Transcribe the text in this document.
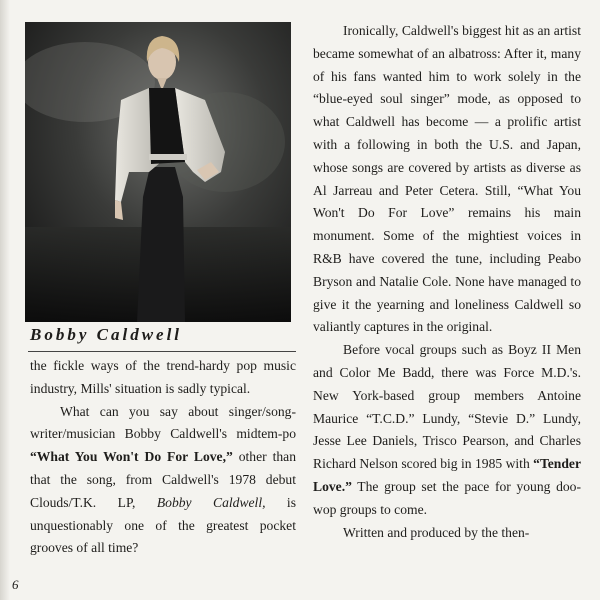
Bobby Caldwell

the fickle ways of the trend-hardy pop music industry, Mills' situation is sadly typical.

What can you say about singer/song-writer/musician Bobby Caldwell's midtem-po “What You Won't Do For Love,” other than that the song, from Caldwell's 1978 debut Clouds/T.K. LP, Bobby Caldwell, is unquestionably one of the greatest pocket grooves of all time?

Ironically, Caldwell's biggest hit as an artist became somewhat of an albatross: After it, many of his fans wanted him to work solely in the “blue-eyed soul singer” mode, as opposed to what Caldwell has become — a prolific artist with a following in both the U.S. and Japan, whose songs are covered by artists as diverse as Al Jarreau and Peter Cetera. Still, “What You Won't Do For Love” remains his main monument. Some of the mightiest voices in R&B have covered the tune, including Peabo Bryson and Natalie Cole. None have managed to give it the yearning and loneliness Caldwell so valiantly captures in the original.

Before vocal groups such as Boyz II Men and Color Me Badd, there was Force M.D.'s. New York-based group members Antoine Maurice “T.C.D.” Lundy, “Stevie D.” Lundy, Jesse Lee Daniels, Trisco Pearson, and Charles Richard Nelson scored big in 1985 with “Tender Love.” The group set the pace for young doo-wop groups to come.

Written and produced by the then-

6
